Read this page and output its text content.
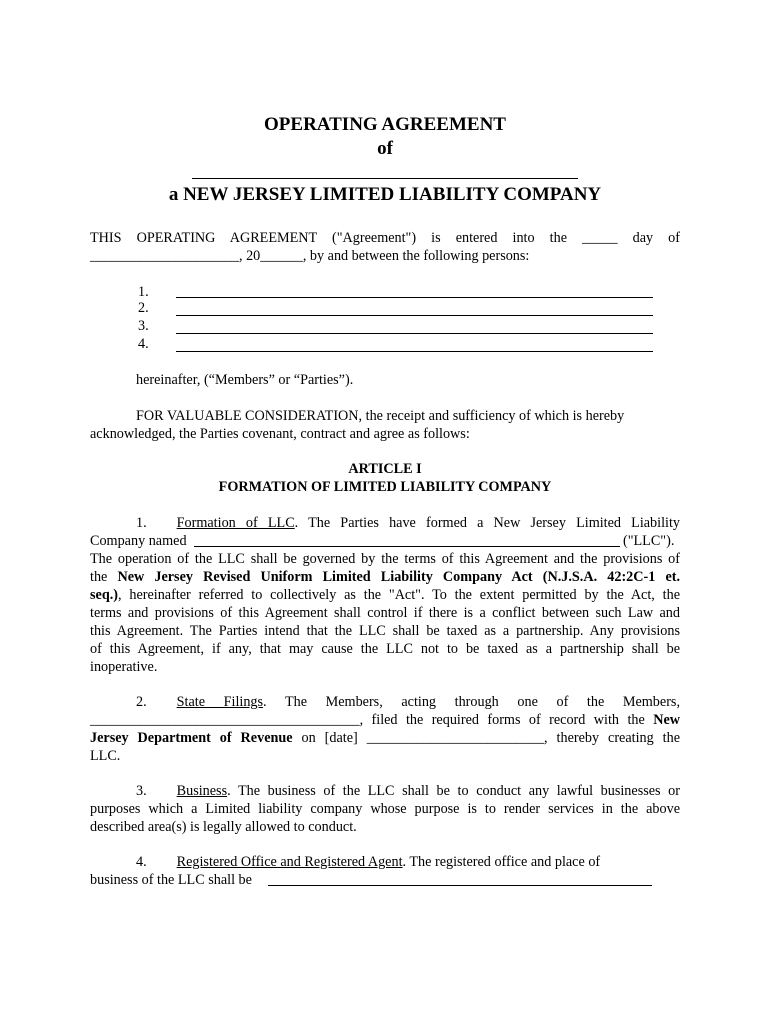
OPERATING AGREEMENT
of
a NEW JERSEY LIMITED LIABILITY COMPANY
THIS OPERATING AGREEMENT ("Agreement") is entered into the _____ day of
_____________________, 20______, by and between the following persons:
1.
2.
3.
4.
hereinafter, (“Members” or “Parties”).
FOR VALUABLE CONSIDERATION, the receipt and sufficiency of which is hereby
acknowledged, the Parties covenant, contract and agree as follows:
ARTICLE I
FORMATION OF LIMITED LIABILITY COMPANY
1. Formation of LLC. The Parties have formed a New Jersey Limited Liability
Company named	("LLC").
The operation of the LLC shall be governed by the terms of this Agreement and the provisions of
the New Jersey Revised Uniform Limited Liability Company Act (N.J.S.A. 42:2C-1 et.
seq.), hereinafter referred to collectively as the "Act". To the extent permitted by the Act, the
terms and provisions of this Agreement shall control if there is a conflict between such Law and
this Agreement. The Parties intend that the LLC shall be taxed as a partnership. Any provisions
of this Agreement, if any, that may cause the LLC not to be taxed as a partnership shall be
inoperative.
2. State Filings. The Members, acting through one of the Members,
______________________________________, filed the required forms of record with the New
Jersey Department of Revenue on [date] _________________________, thereby creating the
LLC.
3. Business. The business of the LLC shall be to conduct any lawful businesses or
purposes which a Limited liability company whose purpose is to render services in the above
described area(s) is legally allowed to conduct.
4. Registered Office and Registered Agent. The registered office and place of
business of the LLC shall be
